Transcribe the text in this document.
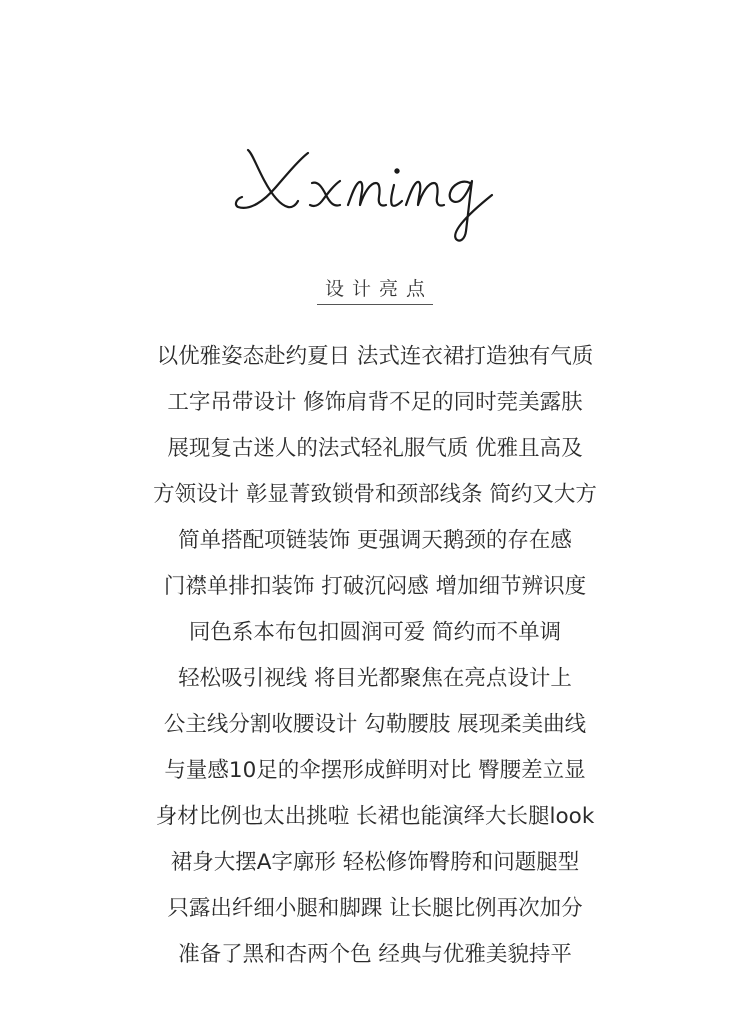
设计亮点
以优雅姿态赴约夏日 法式连衣裙打造独有气质
工字吊带设计 修饰肩背不足的同时莞美露肤
展现复古迷人的法式轻礼服气质 优雅且高及
方领设计 彰显菁致锁骨和颈部线条 简约又大方
简单搭配项链装饰 更强调天鹅颈的存在感
门襟单排扣装饰 打破沉闷感 增加细节辨识度
同色系本布包扣圆润可爱 简约而不单调
轻松吸引视线 将目光都聚焦在亮点设计上
公主线分割收腰设计 勾勒腰肢 展现柔美曲线
与量感10足的伞摆形成鲜明对比 臀腰差立显
身材比例也太出挑啦 长裙也能演绎大长腿look
裙身大摆A字廓形 轻松修饰臀胯和问题腿型
只露出纤细小腿和脚踝 让长腿比例再次加分
准备了黑和杏两个色 经典与优雅美貌持平
